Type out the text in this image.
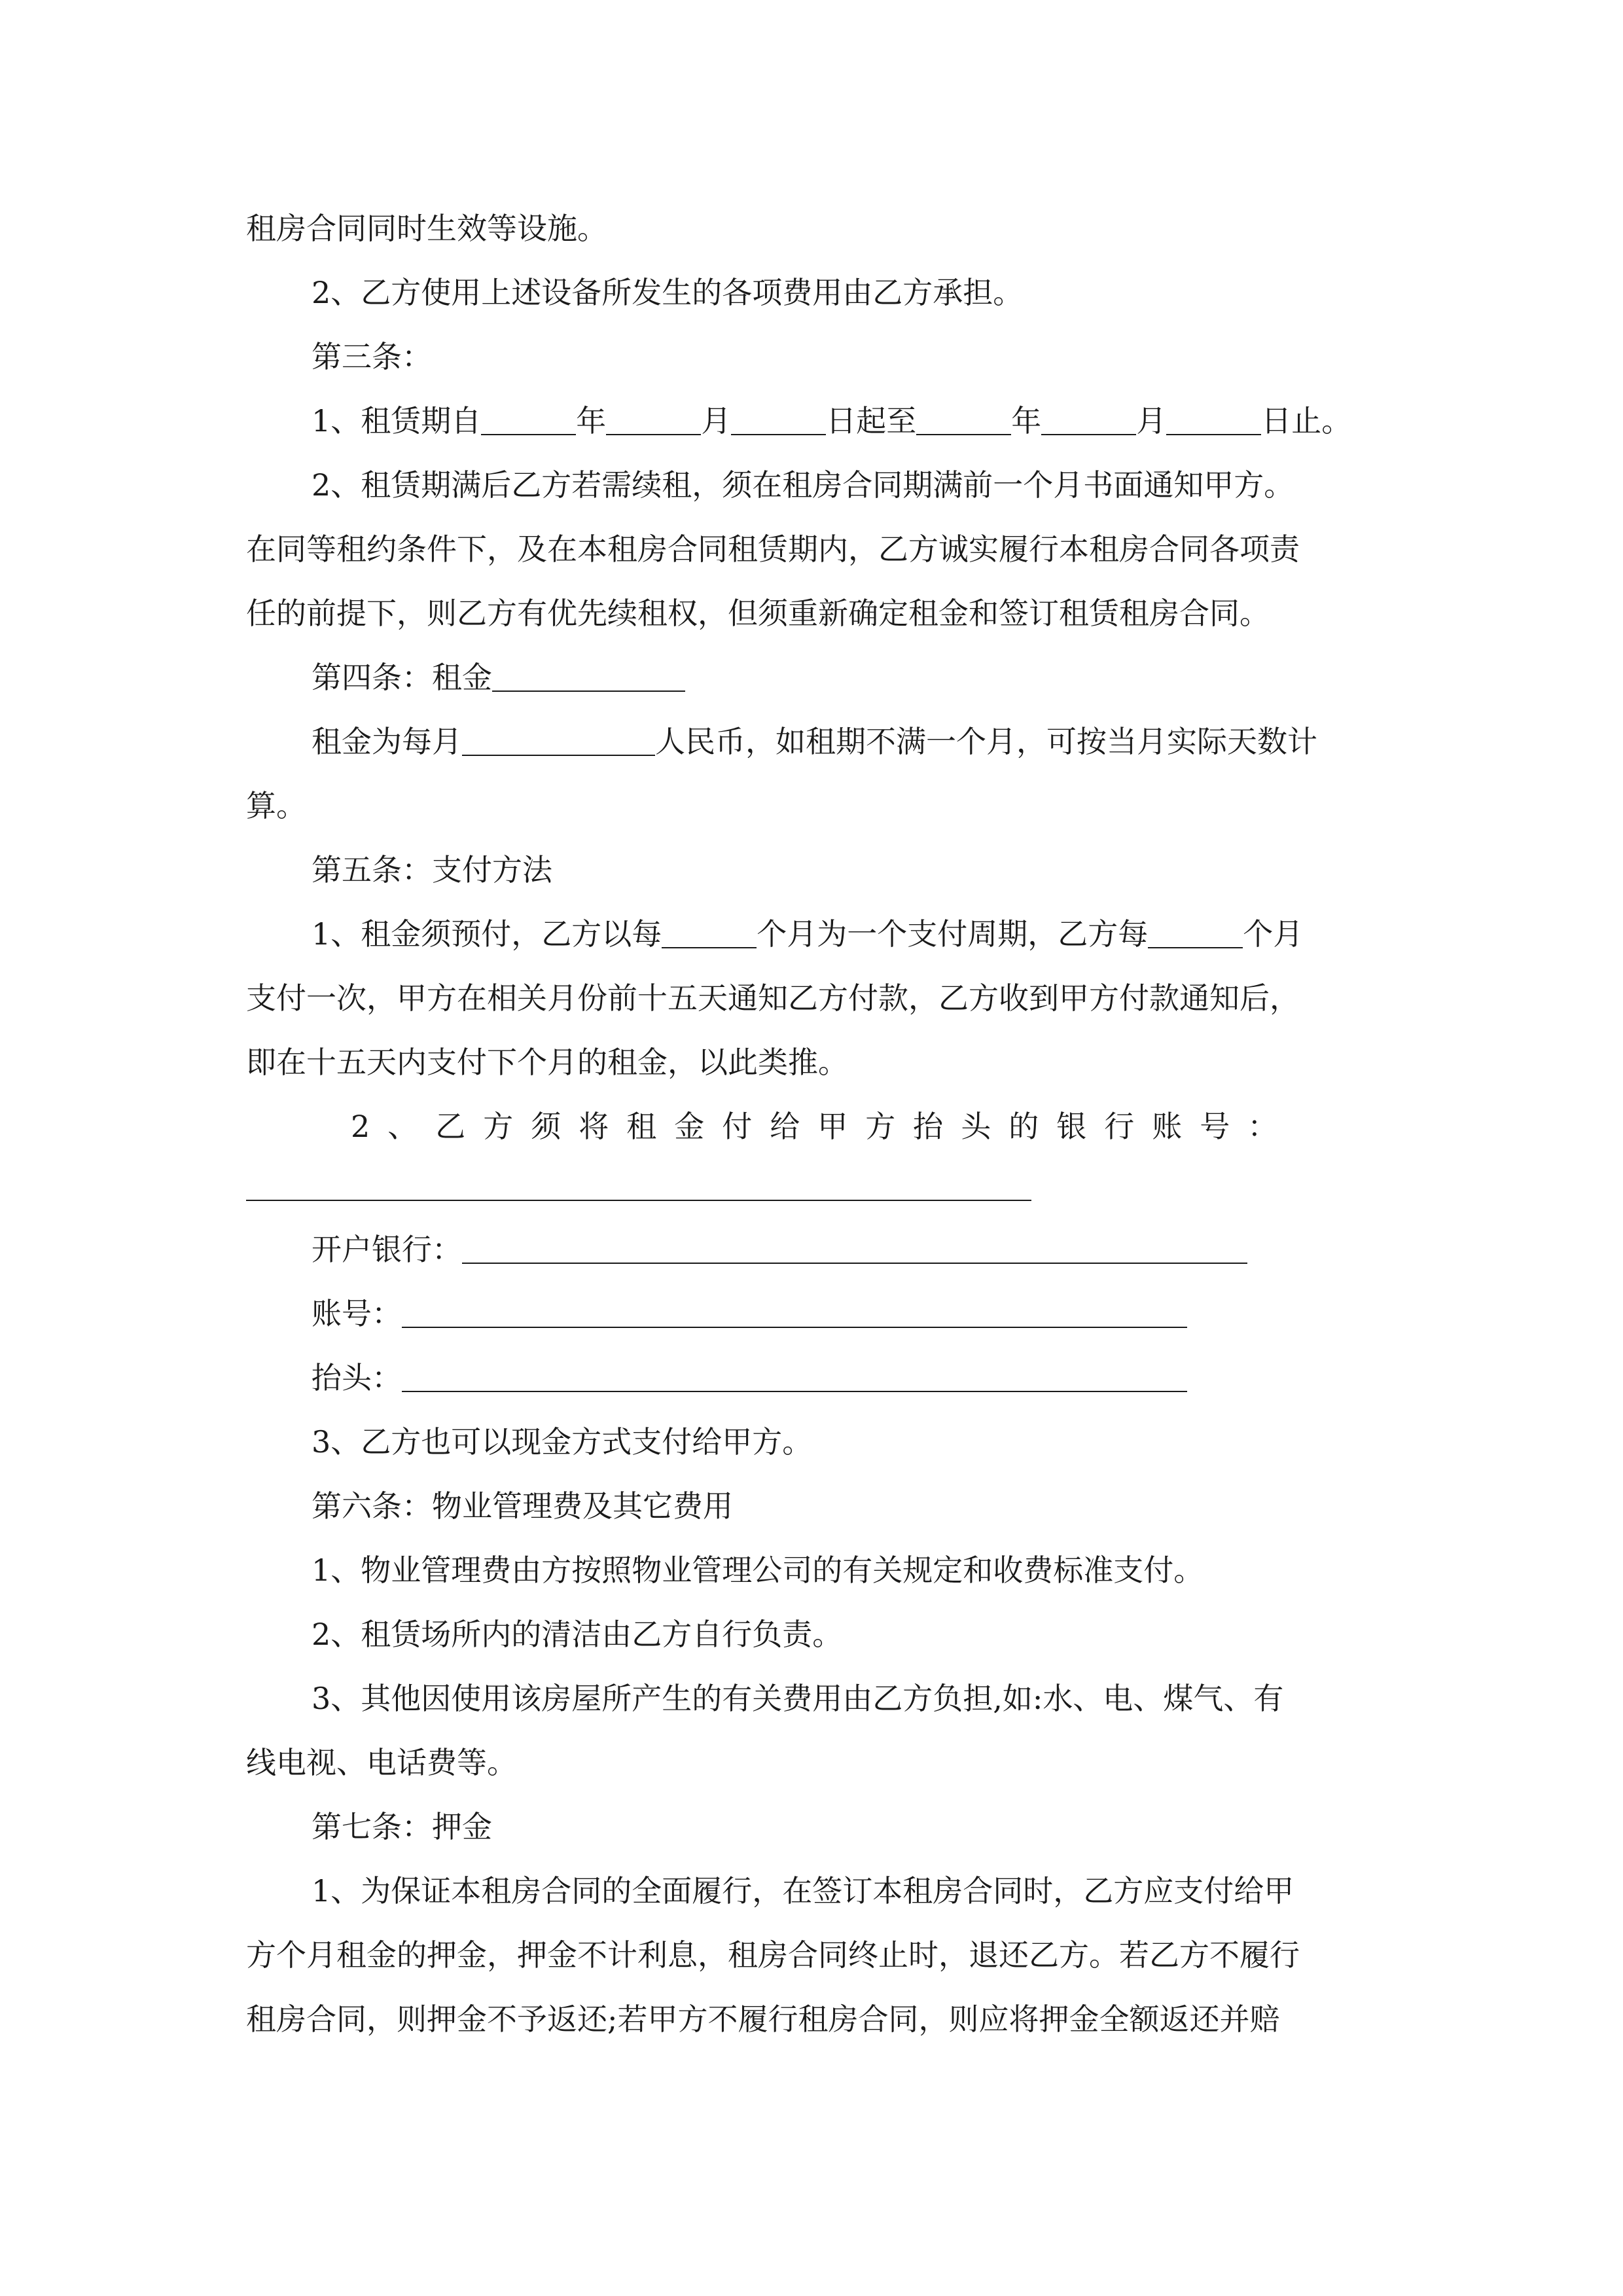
租房合同同时生效等设施。
2、乙方使用上述设备所发生的各项费用由乙方承担。
第三条：
1、租赁期自	年	月	日起至	年	月	日止。
2、租赁期满后乙方若需续租，须在租房合同期满前一个月书面通知甲方。
在同等租约条件下，及在本租房合同租赁期内，乙方诚实履行本租房合同各项责
任的前提下，则乙方有优先续租权，但须重新确定租金和签订租赁租房合同。
第四条：租金
租金为每月	人民币，如租期不满一个月，可按当月实际天数计
算。
第五条：支付方法
1、租金须预付，乙方以每	个月为一个支付周期，乙方每	个月
支付一次，甲方在相关月份前十五天通知乙方付款，乙方收到甲方付款通知后，
即在十五天内支付下个月的租金，以此类推。
2、乙方须将租金付给甲方抬头的银行账号：
开户银行：
账号：
抬头：
3、乙方也可以现金方式支付给甲方。
第六条：物业管理费及其它费用
1、物业管理费由方按照物业管理公司的有关规定和收费标准支付。
2、租赁场所内的清洁由乙方自行负责。
3、其他因使用该房屋所产生的有关费用由乙方负担,如:水、电、煤气、有
线电视、电话费等。
第七条：押金
1、为保证本租房合同的全面履行，在签订本租房合同时，乙方应支付给甲
方个月租金的押金，押金不计利息，租房合同终止时，退还乙方。若乙方不履行
租房合同，则押金不予返还;若甲方不履行租房合同，则应将押金全额返还并赔
